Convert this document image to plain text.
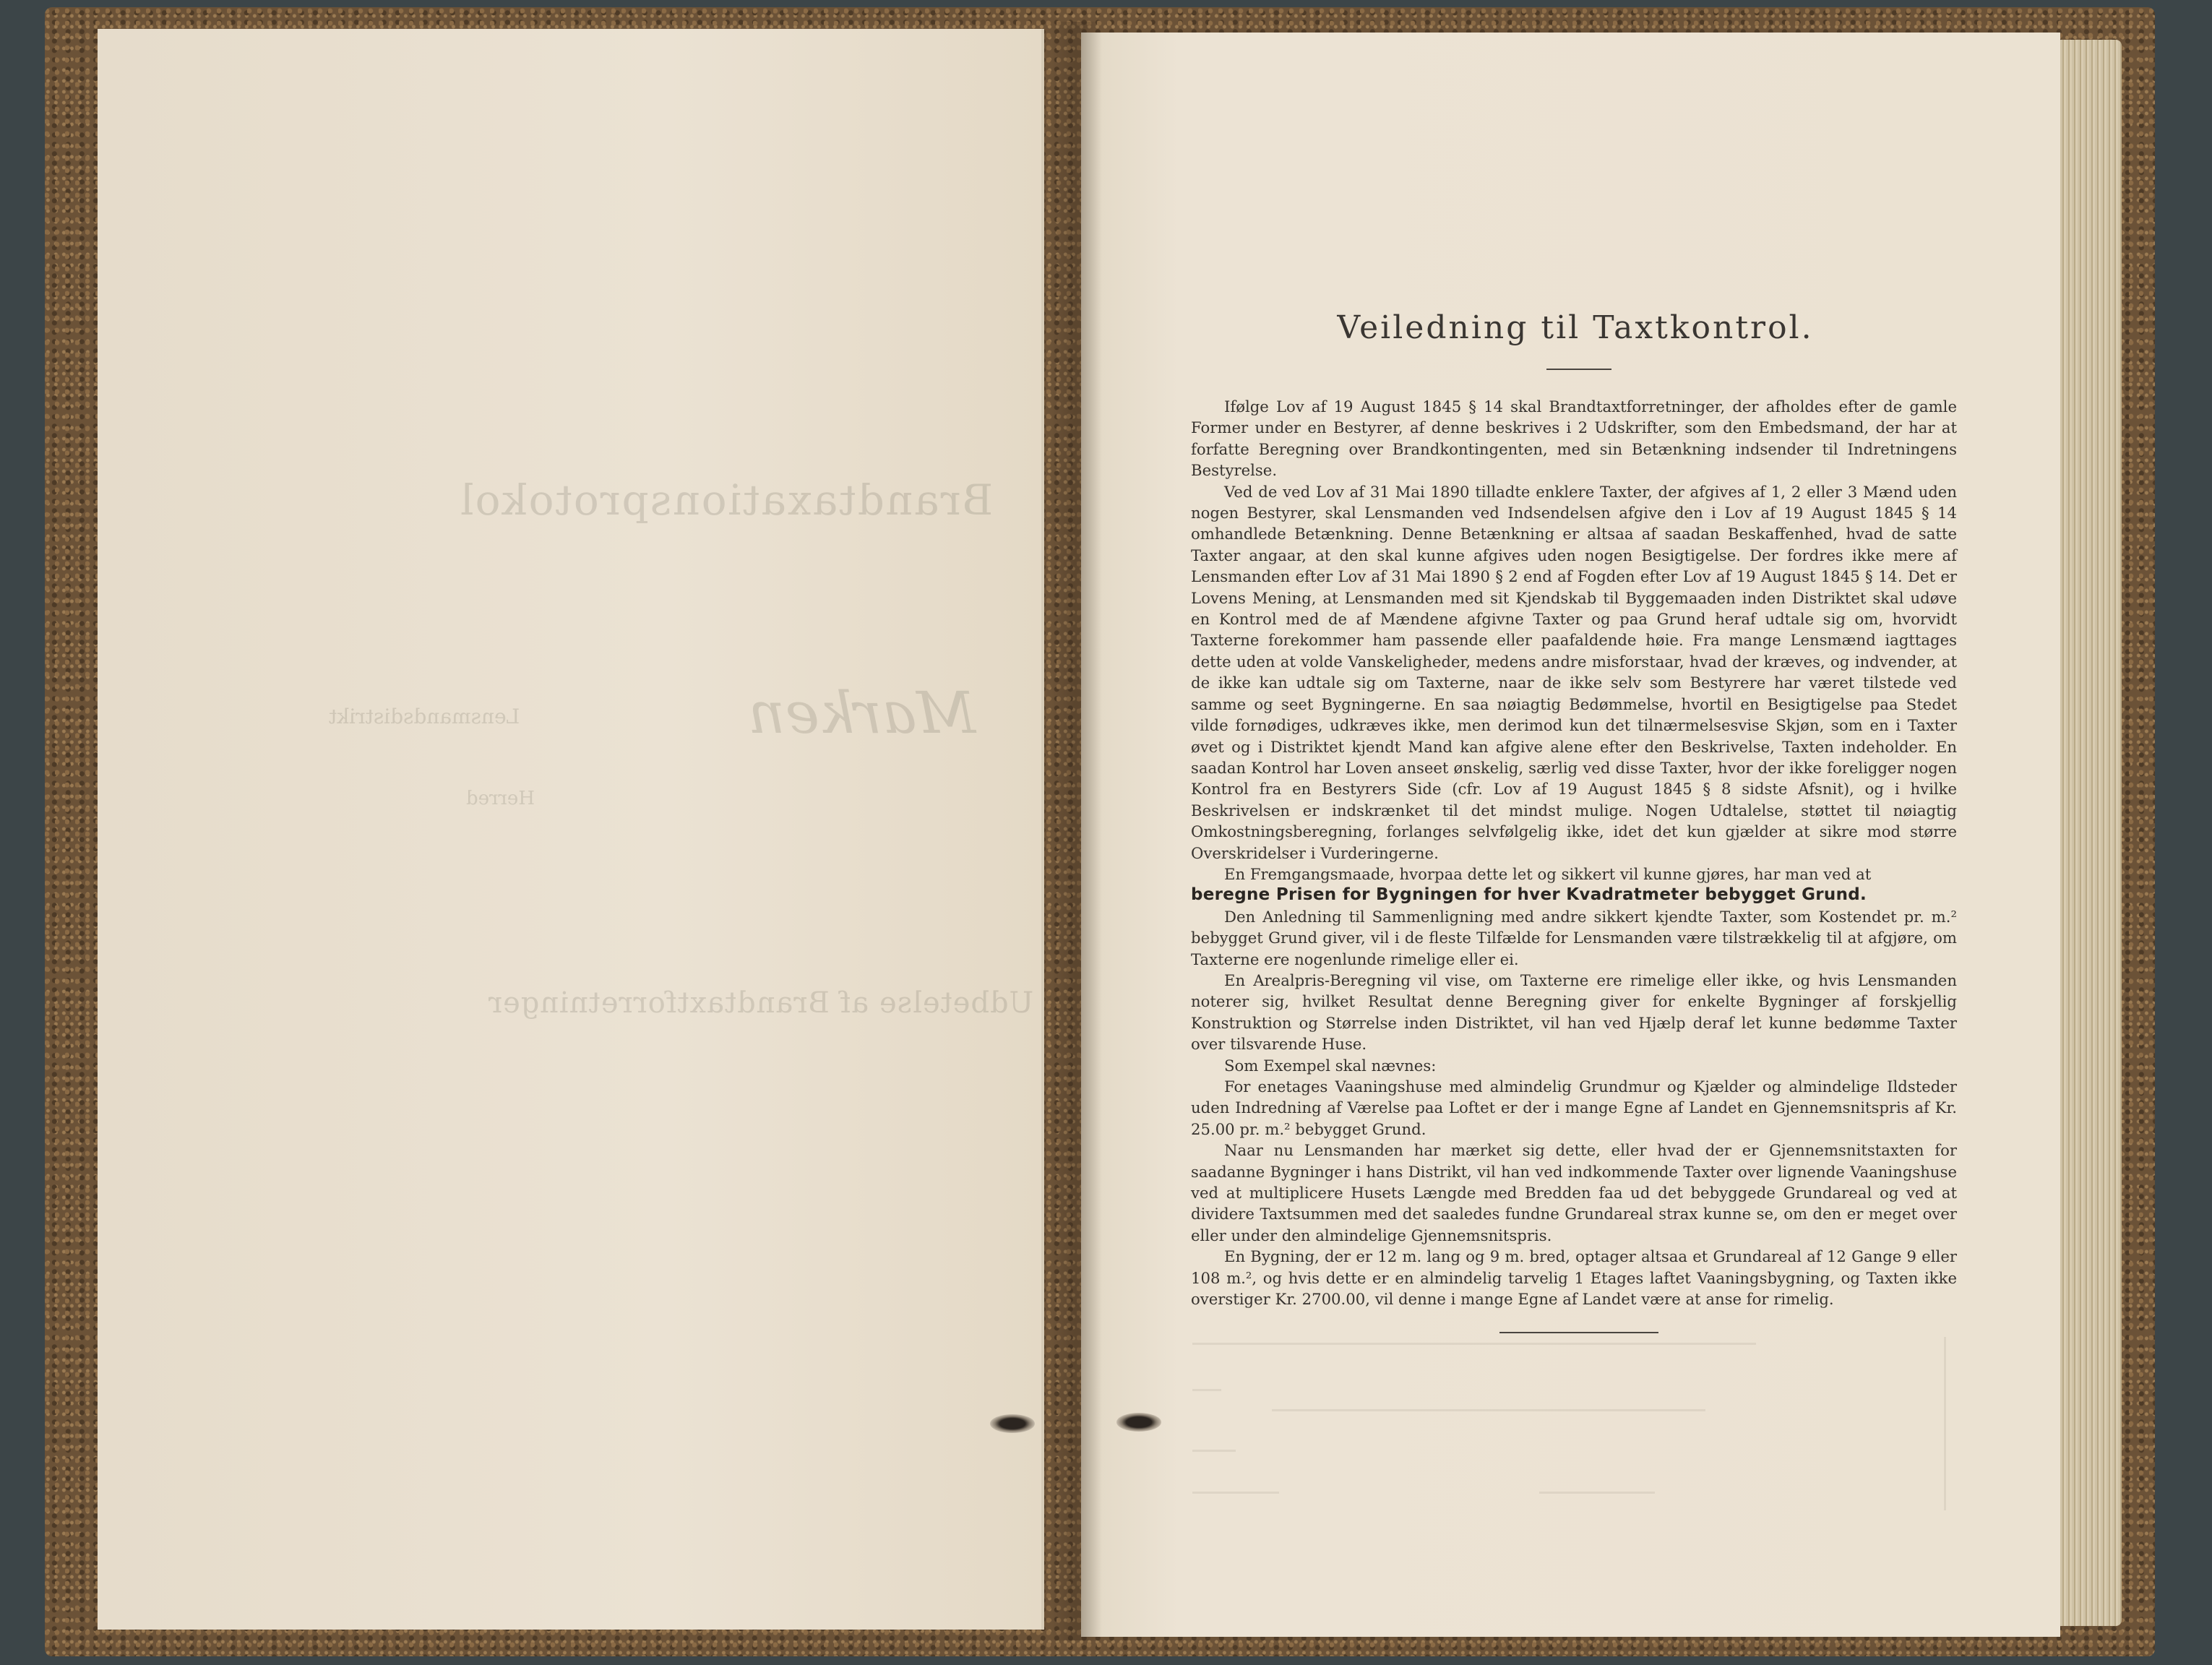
Brandtaxationsprotokol
Marken
Lensmandsdistrikt
Herred
Udbetelse af Brandtaxtforretninger
Veiledning til Taxtkontrol.

Ifølge Lov af 19 August 1845 § 14 skal Brandtaxtforretninger, der afholdes efter de gamle Former under en Bestyrer, af denne beskrives i 2 Udskrifter, som den Embedsmand, der har at forfatte Beregning over Brandkontingenten, med sin Betænkning indsender til Indretningens Bestyrelse.

Ved de ved Lov af 31 Mai 1890 tilladte enklere Taxter, der afgives af 1, 2 eller 3 Mænd uden nogen Bestyrer, skal Lensmanden ved Indsendelsen afgive den i Lov af 19 August 1845 § 14 omhandlede Betænkning. Denne Betænkning er altsaa af saadan Beskaffenhed, hvad de satte Taxter angaar, at den skal kunne afgives uden nogen Besigtigelse. Der fordres ikke mere af Lensmanden efter Lov af 31 Mai 1890 § 2 end af Fogden efter Lov af 19 August 1845 § 14. Det er Lovens Mening, at Lensmanden med sit Kjendskab til Byggemaaden inden Distriktet skal udøve en Kontrol med de af Mændene afgivne Taxter og paa Grund heraf udtale sig om, hvorvidt Taxterne forekommer ham passende eller paafaldende høie. Fra mange Lensmænd iagttages dette uden at volde Vanskeligheder, medens andre misforstaar, hvad der kræves, og indvender, at de ikke kan udtale sig om Taxterne, naar de ikke selv som Bestyrere har været tilstede ved samme og seet Bygningerne. En saa nøiagtig Bedømmelse, hvortil en Besigtigelse paa Stedet vilde fornødiges, udkræves ikke, men derimod kun det tilnærmelsesvise Skjøn, som en i Taxter øvet og i Distriktet kjendt Mand kan afgive alene efter den Beskrivelse, Taxten indeholder. En saadan Kontrol har Loven anseet ønskelig, særlig ved disse Taxter, hvor der ikke foreligger nogen Kontrol fra en Bestyrers Side (cfr. Lov af 19 August 1845 § 8 sidste Afsnit), og i hvilke Beskrivelsen er indskrænket til det mindst mulige. Nogen Udtalelse, støttet til nøiagtig Omkostningsberegning, forlanges selvfølgelig ikke, idet det kun gjælder at sikre mod større Overskridelser i Vurderingerne.

En Fremgangsmaade, hvorpaa dette let og sikkert vil kunne gjøres, har man ved at

beregne Prisen for Bygningen for hver Kvadratmeter bebygget Grund.

Den Anledning til Sammenligning med andre sikkert kjendte Taxter, som Kostendet pr. m.² bebygget Grund giver, vil i de fleste Tilfælde for Lensmanden være tilstrækkelig til at afgjøre, om Taxterne ere nogenlunde rimelige eller ei.

En Arealpris-Beregning vil vise, om Taxterne ere rimelige eller ikke, og hvis Lensmanden noterer sig, hvilket Resultat denne Beregning giver for enkelte Bygninger af forskjellig Konstruktion og Størrelse inden Distriktet, vil han ved Hjælp deraf let kunne bedømme Taxter over tilsvarende Huse.

Som Exempel skal nævnes:

For enetages Vaaningshuse med almindelig Grundmur og Kjælder og almindelige Ildsteder uden Indredning af Værelse paa Loftet er der i mange Egne af Landet en Gjennemsnitspris af Kr. 25.00 pr. m.² bebygget Grund.

Naar nu Lensmanden har mærket sig dette, eller hvad der er Gjennemsnitstaxten for saadanne Bygninger i hans Distrikt, vil han ved indkommende Taxter over lignende Vaaningshuse ved at multiplicere Husets Længde med Bredden faa ud det bebyggede Grundareal og ved at dividere Taxtsummen med det saaledes fundne Grundareal strax kunne se, om den er meget over eller under den almindelige Gjennemsnitspris.

En Bygning, der er 12 m. lang og 9 m. bred, optager altsaa et Grundareal af 12 Gange 9 eller 108 m.², og hvis dette er en almindelig tarvelig 1 Etages laftet Vaaningsbygning, og Taxten ikke overstiger Kr. 2700.00, vil denne i mange Egne af Landet være at anse for rimelig.
